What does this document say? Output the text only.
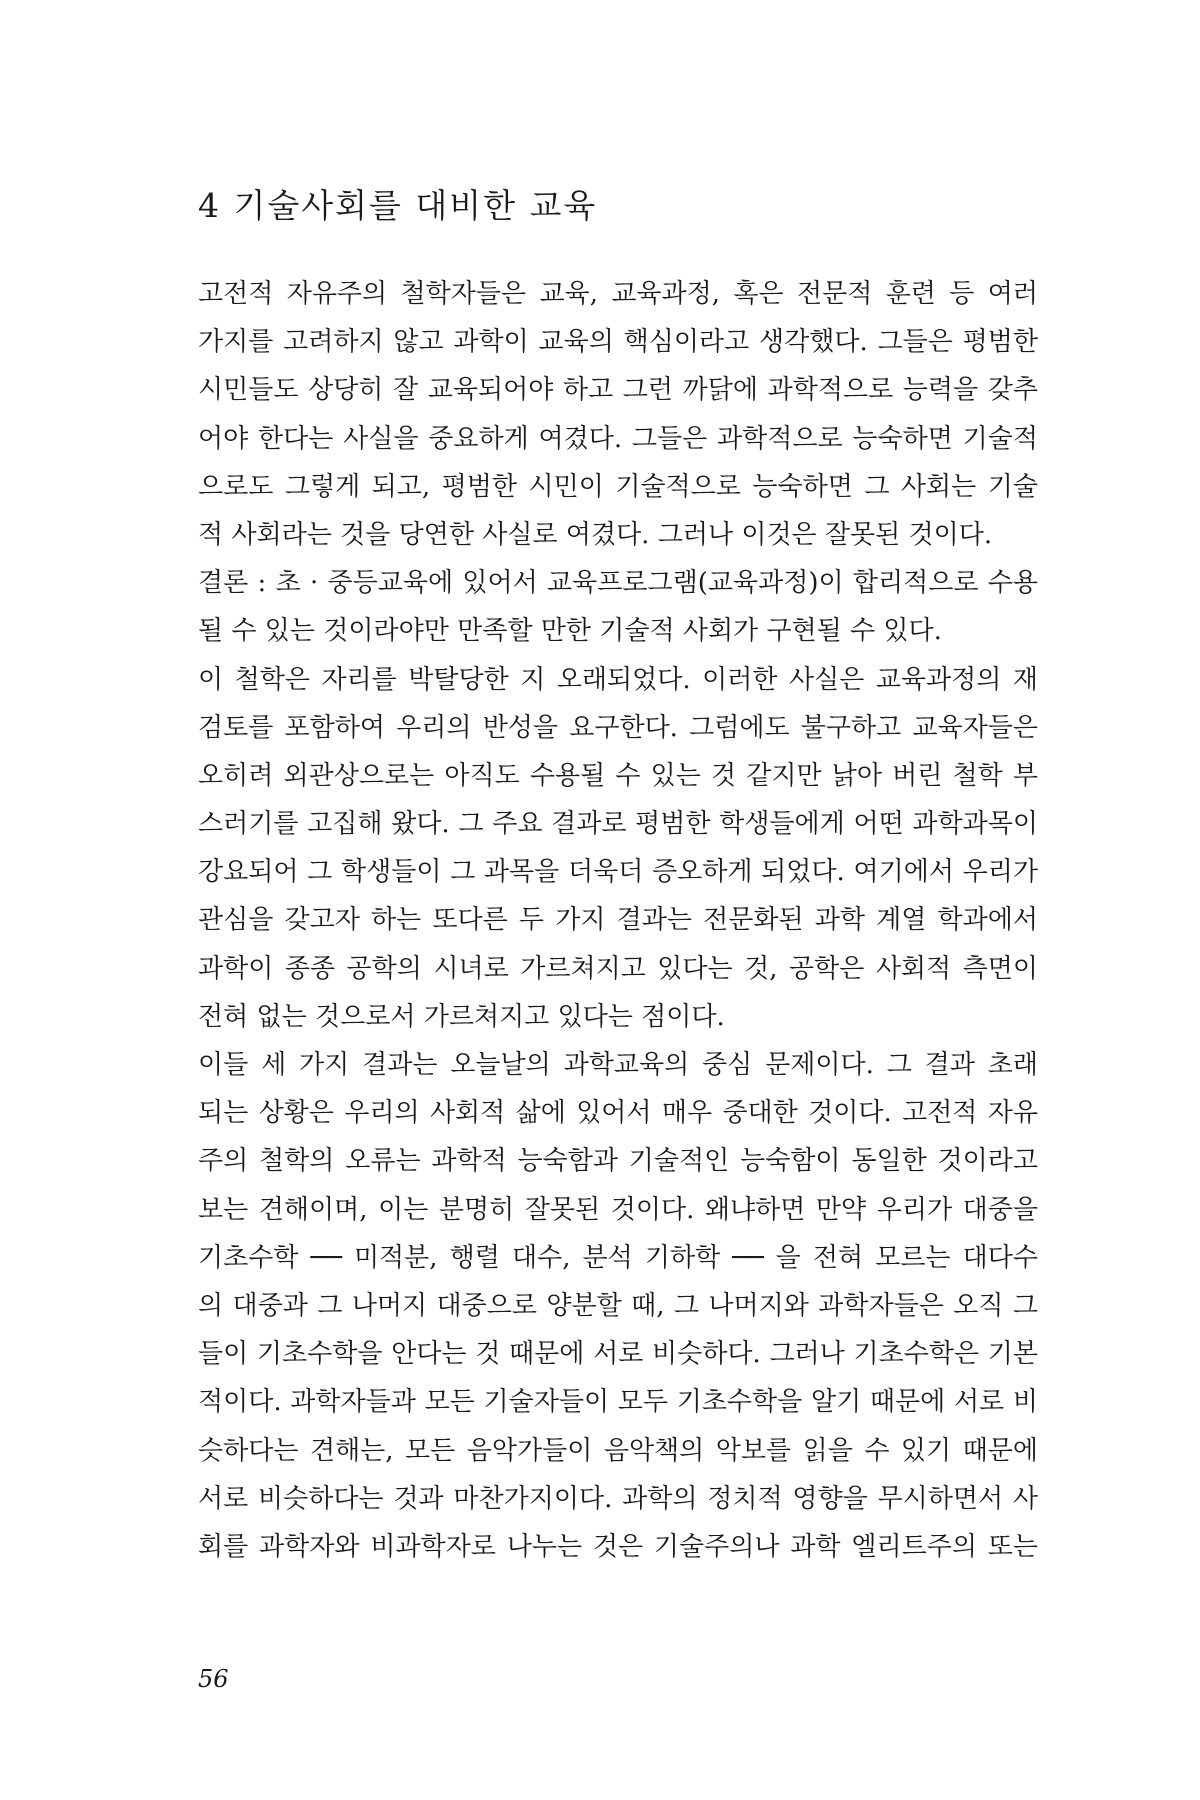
4 기술사회를 대비한 교육
고전적 자유주의 철학자들은 교육, 교육과정, 혹은 전문적 훈련 등 여러
가지를 고려하지 않고 과학이 교육의 핵심이라고 생각했다. 그들은 평범한
시민들도 상당히 잘 교육되어야 하고 그런 까닭에 과학적으로 능력을 갖추
어야 한다는 사실을 중요하게 여겼다. 그들은 과학적으로 능숙하면 기술적
으로도 그렇게 되고, 평범한 시민이 기술적으로 능숙하면 그 사회는 기술
적 사회라는 것을 당연한 사실로 여겼다. 그러나 이것은 잘못된 것이다.
결론 : 초 · 중등교육에 있어서 교육프로그램(교육과정)이 합리적으로 수용
될 수 있는 것이라야만 만족할 만한 기술적 사회가 구현될 수 있다.
이 철학은 자리를 박탈당한 지 오래되었다. 이러한 사실은 교육과정의 재
검토를 포함하여 우리의 반성을 요구한다. 그럼에도 불구하고 교육자들은
오히려 외관상으로는 아직도 수용될 수 있는 것 같지만 낡아 버린 철학 부
스러기를 고집해 왔다. 그 주요 결과로 평범한 학생들에게 어떤 과학과목이
강요되어 그 학생들이 그 과목을 더욱더 증오하게 되었다. 여기에서 우리가
관심을 갖고자 하는 또다른 두 가지 결과는 전문화된 과학 계열 학과에서
과학이 종종 공학의 시녀로 가르쳐지고 있다는 것, 공학은 사회적 측면이
전혀 없는 것으로서 가르쳐지고 있다는 점이다.
이들 세 가지 결과는 오늘날의 과학교육의 중심 문제이다. 그 결과 초래
되는 상황은 우리의 사회적 삶에 있어서 매우 중대한 것이다. 고전적 자유
주의 철학의 오류는 과학적 능숙함과 기술적인 능숙함이 동일한 것이라고
보는 견해이며, 이는 분명히 잘못된 것이다. 왜냐하면 만약 우리가 대중을
기초수학 ── 미적분, 행렬 대수, 분석 기하학 ── 을 전혀 모르는 대다수
의 대중과 그 나머지 대중으로 양분할 때, 그 나머지와 과학자들은 오직 그
들이 기초수학을 안다는 것 때문에 서로 비슷하다. 그러나 기초수학은 기본
적이다. 과학자들과 모든 기술자들이 모두 기초수학을 알기 때문에 서로 비
슷하다는 견해는, 모든 음악가들이 음악책의 악보를 읽을 수 있기 때문에
서로 비슷하다는 것과 마찬가지이다. 과학의 정치적 영향을 무시하면서 사
회를 과학자와 비과학자로 나누는 것은 기술주의나 과학 엘리트주의 또는
56
